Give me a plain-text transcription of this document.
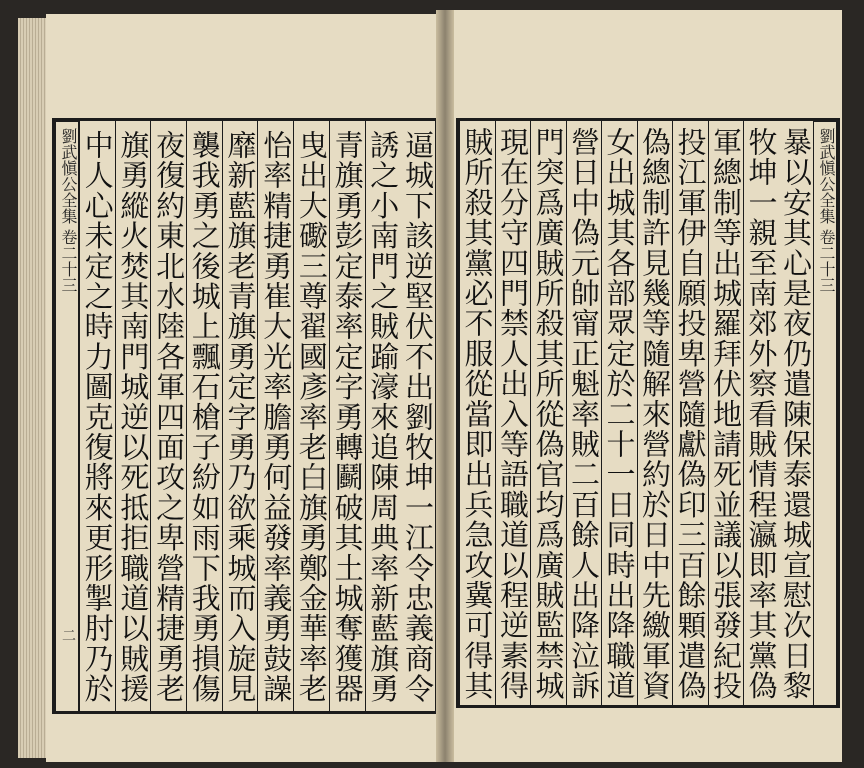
劉武愼公全集 卷二十三
二
逼城下該逆堅伏不出劉牧坤一江令忠義商令
誘之小南門之賊踰濠來追陳周典率新藍旗勇
青旗勇彭定泰率定字勇轉鬬破其土城奪獲器
曳出大礮三尊翟國彥率老白旗勇鄭金華率老
怡率精捷勇崔大光率膽勇何益發率義勇鼓譟
靡新藍旗老青旗勇定字勇乃欲乘城而入旋見
襲我勇之後城上飄石槍子紛如雨下我勇損傷
夜復約東北水陸各軍四面攻之卑營精捷勇老
旗勇縱火焚其南門城逆以死抵拒職道以賊援
中人心未定之時力圖克復將來更形掣肘乃於
暴以安其心是夜仍遣陳保泰還城宣慰次日黎
牧坤一親至南郊外察看賊情程瀛即率其黨偽
軍總制等出城羅拜伏地請死並議以張發紀投
投江軍伊自願投卑營隨獻偽印三百餘顆遣偽
偽總制許見幾等隨解來營約於日中先繳軍資
女出城其各部眾定於二十一日同時出降職道
營日中偽元帥甯正魁率賊二百餘人出降泣訴
門突爲廣賊所殺其所從偽官均爲廣賊監禁城
現在分守四門禁人出入等語職道以程逆素得
賊所殺其黨必不服從當即出兵急攻冀可得其
劉武愼公全集 卷二十三
